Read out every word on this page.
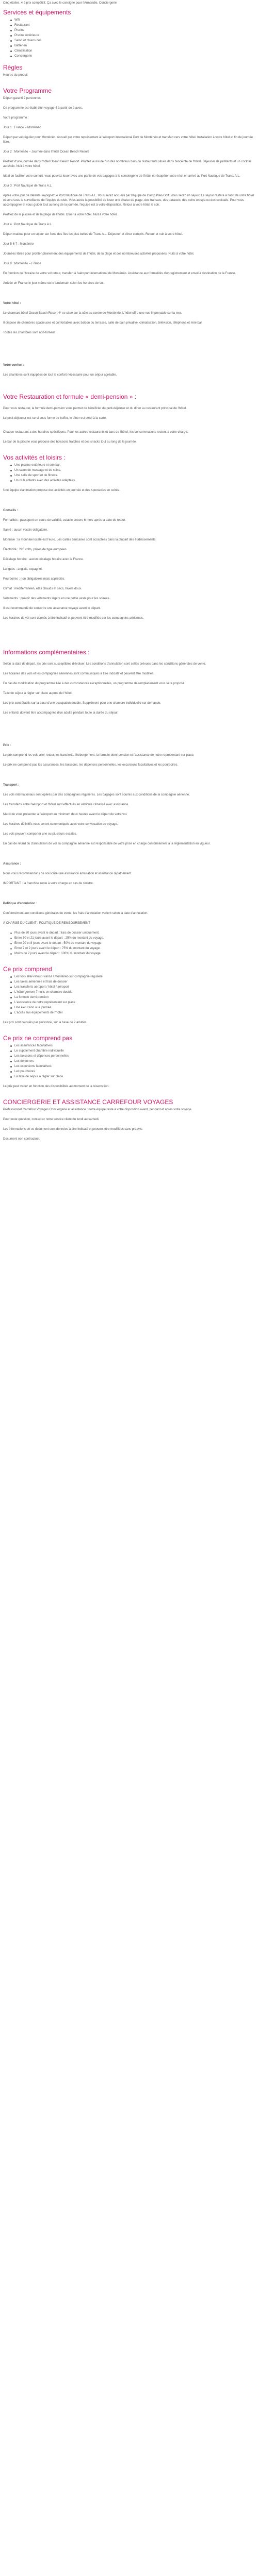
Cinq étoiles, 4 à prix compétitif. Ça avec le consigné pour l'Armandie, Conciergerie

Services et équipements
Wifi
Restaurant
Piscine
Piscine extérieure
Salon et chiens des
Batterien
Climatisation
Conciergerie
Règles

Heures du produit

Votre Programme

Départ garanti 2 personnes.

Ce programme est établi d'un voyage 4 à partir de 2 avec.

Votre programme :

Jour 1 : France – Monténéo

Départ par vol régulier pour Monténéo. Accueil par votre représentant à l'aéroport international Port de Monténéo et transfert vers votre hôtel. Installation à votre hôtel et fin de journée libre.

Jour 2 : Monténéo – Journée dans l'hôtel Ocean Beach Resort

Profitez d'une journée dans l'hôtel Ocean Beach Resort. Profitez aussi de l'un des nombreux bars ou restaurants situés dans l'enceinte de l'hôtel. Déjeuner de pétillants et un cocktail au choix. Nuit à votre hôtel.

Idéal de faciliter votre confort, vous pouvez louer avec une partie de vos bagages à la conciergerie de l'hôtel et récupérer votre récit en arrivé au Port Nautique de Trans. A.L.

Jour 3 : Port Nautique de Trans A.L.

Après votre jour de détente, rejoignez le Port Nautique de Trans A.L. Vous serez accueilli par l'équipe de Camp Plan-Golf. Vous serez en séjour. Le séjour restera à l'abri de votre hôtel et sera sous la surveillance de l'équipe du club. Vous aurez la possibilité de louer une chaise de plage, des transats, des parasols, des soins en spa ou des cocktails. Pour vous accompagner et vous guider tout au long de la journée, l'équipe est à votre disposition. Retour à votre hôtel le soir.

Profitez de la piscine et de la plage de l'hôtel. Dîner à votre hôtel. Nuit à votre hôtel.

Jour 4 : Port Nautique de Trans A.L.

Départ matinal pour un séjour sur l'une des îles les plus belles de Trans A.L. Déjeuner et dîner compris. Retour et nuit à votre hôtel.

Jour 5-6-7 : Monténéo

Journées libres pour profiter pleinement des équipements de l'hôtel, de la plage et des nombreuses activités proposées. Nuits à votre hôtel.

Jour 8 : Monténéo – France

En fonction de l'horaire de votre vol retour, transfert à l'aéroport international de Monténéo. Assistance aux formalités d'enregistrement et envol à destination de la France.

Arrivée en France le jour même ou le lendemain selon les horaires de vol.

Votre hôtel :

Le charmant hôtel Ocean Beach Resort 4* se situe sur la côte au centre de Monténéo. L'hôtel offre une vue imprenable sur la mer.

Il dispose de chambres spacieuses et confortables avec balcon ou terrasse, salle de bain privative, climatisation, télévision, téléphone et mini-bar.

Toutes les chambres sont non-fumeur.

Votre confort :

Les chambres sont équipées de tout le confort nécessaire pour un séjour agréable.

Votre Restauration et formule « demi-pension » :

Pour vous restaurer, la formule demi-pension vous permet de bénéficier du petit-déjeuner et du dîner au restaurant principal de l'hôtel.

Le petit-déjeuner est servi sous forme de buffet, le dîner est servi à la carte.

Chaque restaurant a des horaires spécifiques. Pour les autres restaurants et bars de l'hôtel, les consommations restent à votre charge.

Le bar de la piscine vous propose des boissons fraîches et des snacks tout au long de la journée.

Vos activités et loisirs :
Une piscine extérieure et son bar.
Un salon de massage et de soins.
Une salle de sport et de fitness.
Un club enfants avec des activités adaptées.

Une équipe d'animation propose des activités en journée et des spectacles en soirée.

Conseils :

Formalités : passeport en cours de validité, valable encore 6 mois après la date de retour.

Santé : aucun vaccin obligatoire.

Monnaie : la monnaie locale est l'euro. Les cartes bancaires sont acceptées dans la plupart des établissements.

Électricité : 220 volts, prises de type européen.

Décalage horaire : aucun décalage horaire avec la France.

Langues : anglais, espagnol.

Pourboires : non obligatoires mais appréciés.

Climat : méditerranéen, étés chauds et secs, hivers doux.

Vêtements : prévoir des vêtements légers et une petite veste pour les soirées.

Il est recommandé de souscrire une assurance voyage avant le départ.

Les horaires de vol sont donnés à titre indicatif et peuvent être modifiés par les compagnies aériennes.

Informations complémentaires :

Selon la date de départ, les prix sont susceptibles d'évoluer. Les conditions d'annulation sont celles prévues dans les conditions générales de vente.

Les horaires des vols et les compagnies aériennes sont communiqués à titre indicatif et peuvent être modifiés.

En cas de modification du programme liée à des circonstances exceptionnelles, un programme de remplacement vous sera proposé.

Taxe de séjour à régler sur place auprès de l'hôtel.

Les prix sont établis sur la base d'une occupation double. Supplément pour une chambre individuelle sur demande.

Les enfants doivent être accompagnés d'un adulte pendant toute la durée du séjour.

Prix :

Le prix comprend les vols aller-retour, les transferts, l'hébergement, la formule demi-pension et l'assistance de notre représentant sur place.

Le prix ne comprend pas les assurances, les boissons, les dépenses personnelles, les excursions facultatives et les pourboires.

Transport :

Les vols internationaux sont opérés par des compagnies régulières. Les bagages sont soumis aux conditions de la compagnie aérienne.

Les transferts entre l'aéroport et l'hôtel sont effectués en véhicule climatisé avec assistance.

Merci de vous présenter à l'aéroport au minimum deux heures avant le départ de votre vol.

Les horaires définitifs vous seront communiqués avec votre convocation de voyage.

Les vols peuvent comporter une ou plusieurs escales.

En cas de retard ou d'annulation de vol, la compagnie aérienne est responsable de votre prise en charge conformément à la réglementation en vigueur.

Assurance :

Nous vous recommandons de souscrire une assurance annulation et assistance rapatriement.

IMPORTANT : la franchise reste à votre charge en cas de sinistre.

Politique d'annulation :

Conformément aux conditions générales de vente, les frais d'annulation varient selon la date d'annulation.

À CHARGE DU CLIENT : POLITIQUE DE REMBOURSEMENT

Plus de 30 jours avant le départ : frais de dossier uniquement.
Entre 30 et 21 jours avant le départ : 25% du montant du voyage.
Entre 20 et 8 jours avant le départ : 50% du montant du voyage.
Entre 7 et 2 jours avant le départ : 75% du montant du voyage.
Moins de 2 jours avant le départ : 100% du montant du voyage.
Ce prix comprend
Les vols aller-retour France / Monténéo sur compagnie régulière
Les taxes aériennes et frais de dossier
Les transferts aéroport / hôtel / aéroport
L'hébergement 7 nuits en chambre double
La formule demi-pension
L'assistance de notre représentant sur place
Une excursion à la journée
L'accès aux équipements de l'hôtel

Les prix sont calculés par personne, sur la base de 2 adultes.

Ce prix ne comprend pas
Les assurances facultatives
Le supplément chambre individuelle
Les boissons et dépenses personnelles
Les déjeuners
Les excursions facultatives
Les pourboires
La taxe de séjour à régler sur place

Le prix peut varier en fonction des disponibilités au moment de la réservation.

CONCIERGERIE ET ASSISTANCE CARREFOUR VOYAGES

Professionnel Carrefour Voyages Conciergerie et assistance : notre équipe reste à votre disposition avant, pendant et après votre voyage.

Pour toute question, contactez notre service client du lundi au samedi.

Les informations de ce document sont données à titre indicatif et peuvent être modifiées sans préavis.

Document non contractuel.
